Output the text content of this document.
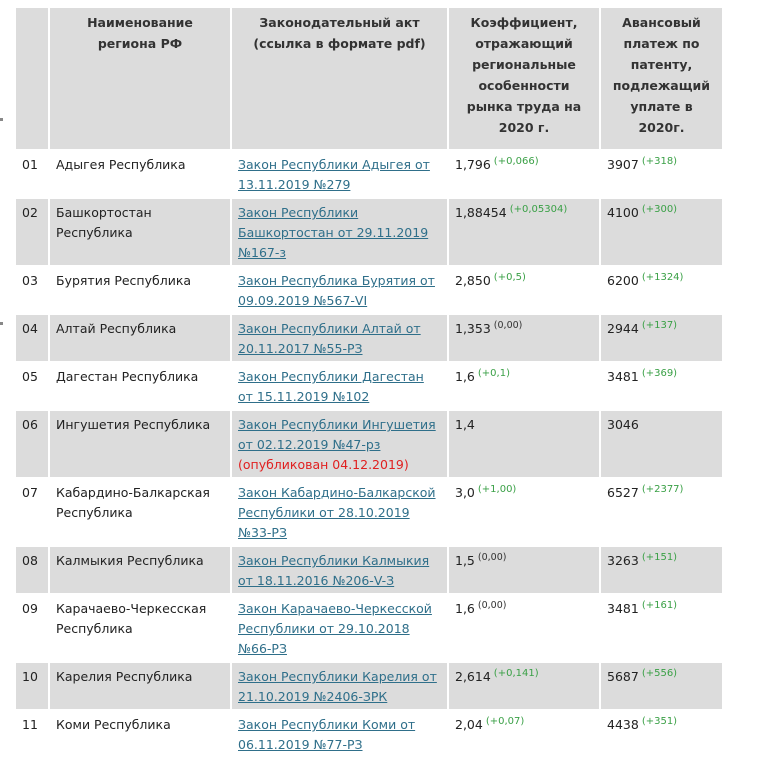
	Наименование региона РФ	Законодательный акт (ссылка в формате pdf)	Коэффициент, отражающий региональные особенности рынка труда на 2020 г.	Авансовый платеж по патенту, подлежащий уплате в 2020г.
01	Адыгея Республика	Закон Республики Адыгея от 13.11.2019 №279	1,796 $^{(+0,066)}$	3907 $^{(+318)}$
02	Башкортостан Республика	Закон Республики Башкортостан от 29.11.2019 №167-з	1,88454 $^{(+0,05304)}$	4100 $^{(+300)}$
03	Бурятия Республика	Закон Республика Бурятия от 09.09.2019 №567-VI	2,850 $^{(+0,5)}$	6200 $^{(+1324)}$
04	Алтай Республика	Закон Республики Алтай от 20.11.2017 №55-РЗ	1,353 $^{(0,00)}$	2944 $^{(+137)}$
05	Дагестан Республика	Закон Республики Дагестан от 15.11.2019 №102	1,6 $^{(+0,1)}$	3481 $^{(+369)}$
06	Ингушетия Республика	Закон Республики Ингушетия от 02.12.2019 №47-рз (опубликован 04.12.2019)	1,4	3046
07	Кабардино-Балкарская Республика	Закон Кабардино-Балкарской Республики от 28.10.2019 №33-РЗ	3,0 $^{(+1,00)}$	6527 $^{(+2377)}$
08	Калмыкия Республика	Закон Республики Калмыкия от 18.11.2016 №206-V-З	1,5 $^{(0,00)}$	3263 $^{(+151)}$
09	Карачаево-Черкесская Республика	Закон Карачаево-Черкесской Республики от 29.10.2018 №66-РЗ	1,6 $^{(0,00)}$	3481 $^{(+161)}$
10	Карелия Республика	Закон Республики Карелия от 21.10.2019 №2406-ЗРК	2,614 $^{(+0,141)}$	5687 $^{(+556)}$
11	Коми Республика	Закон Республики Коми от 06.11.2019 №77-РЗ	2,04 $^{(+0,07)}$	4438 $^{(+351)}$
